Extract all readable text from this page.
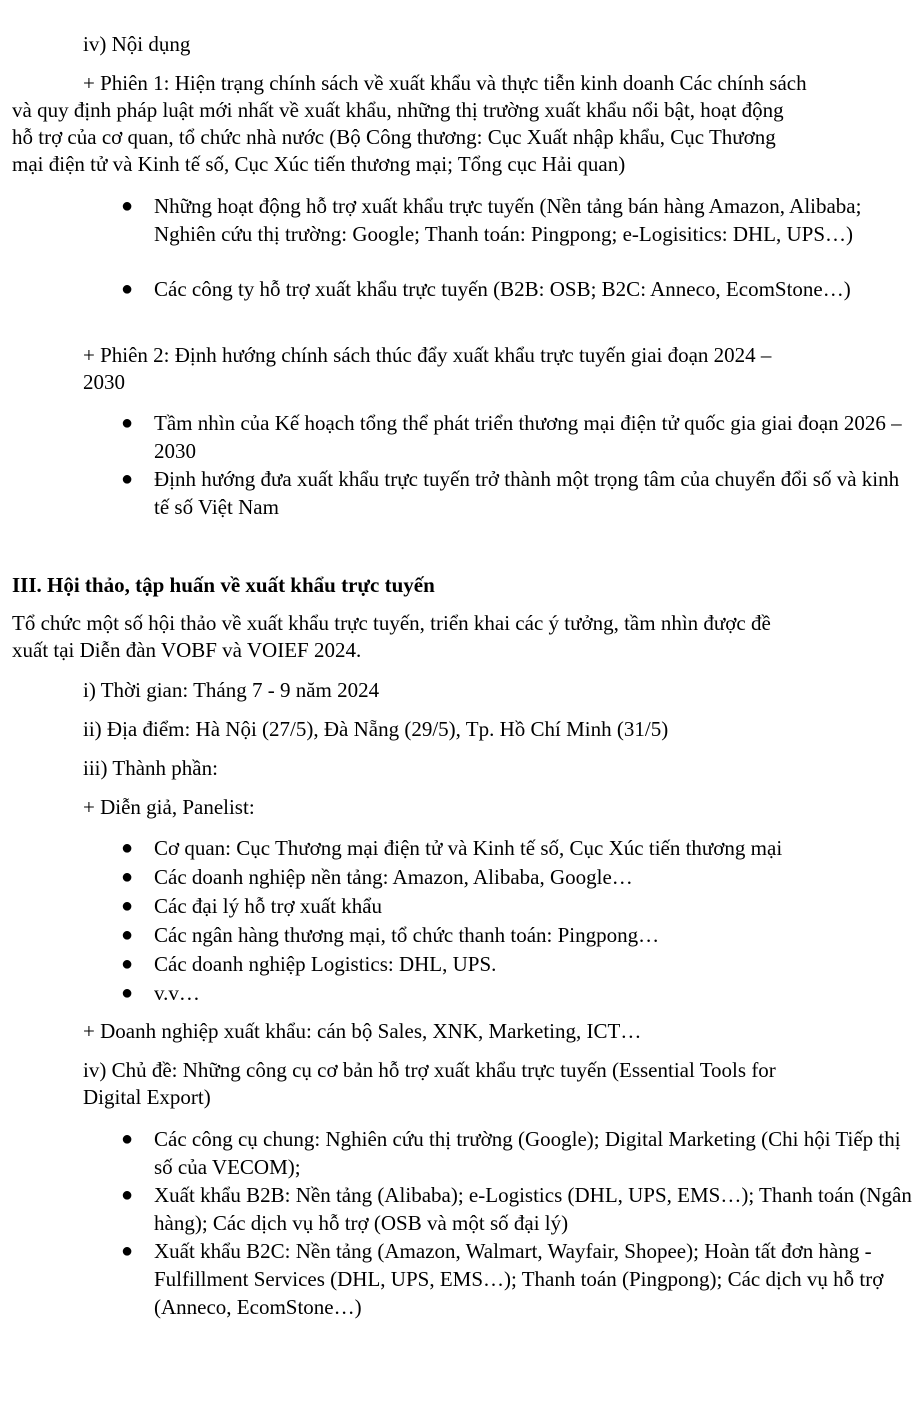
iv) Nội dụng

+ Phiên 1: Hiện trạng chính sách về xuất khẩu và thực tiễn kinh doanh Các chính sách

và quy định pháp luật mới nhất về xuất khẩu, những thị trường xuất khẩu nổi bật, hoạt động

hỗ trợ của cơ quan, tổ chức nhà nước (Bộ Công thương: Cục Xuất nhập khẩu, Cục Thương

mại điện tử và Kinh tế số, Cục Xúc tiến thương mại; Tổng cục Hải quan)

● Những hoạt động hỗ trợ xuất khẩu trực tuyến (Nền tảng bán hàng Amazon, Alibaba; Nghiên cứu thị trường: Google; Thanh toán: Pingpong; e-Logisitics: DHL, UPS…)
● Các công ty hỗ trợ xuất khẩu trực tuyến (B2B: OSB; B2C: Anneco, EcomStone…)

+ Phiên 2: Định hướng chính sách thúc đẩy xuất khẩu trực tuyến giai đoạn 2024 –

2030

● Tầm nhìn của Kế hoạch tổng thể phát triển thương mại điện tử quốc gia giai đoạn 2026 – 2030
● Định hướng đưa xuất khẩu trực tuyến trở thành một trọng tâm của chuyển đổi số và kinh tế số Việt Nam

III. Hội thảo, tập huấn về xuất khẩu trực tuyến

Tổ chức một số hội thảo về xuất khẩu trực tuyến, triển khai các ý tưởng, tầm nhìn được đề

xuất tại Diễn đàn VOBF và VOIEF 2024.

i) Thời gian: Tháng 7 - 9 năm 2024

ii) Địa điểm: Hà Nội (27/5), Đà Nẵng (29/5), Tp. Hồ Chí Minh (31/5)

iii) Thành phần:

+ Diễn giả, Panelist:

● Cơ quan: Cục Thương mại điện tử và Kinh tế số, Cục Xúc tiến thương mại
● Các doanh nghiệp nền tảng: Amazon, Alibaba, Google…
● Các đại lý hỗ trợ xuất khẩu
● Các ngân hàng thương mại, tổ chức thanh toán: Pingpong…
● Các doanh nghiệp Logistics: DHL, UPS.
● v.v…

+ Doanh nghiệp xuất khẩu: cán bộ Sales, XNK, Marketing, ICT…

iv) Chủ đề: Những công cụ cơ bản hỗ trợ xuất khẩu trực tuyến (Essential Tools for

Digital Export)

● Các công cụ chung: Nghiên cứu thị trường (Google); Digital Marketing (Chi hội Tiếp thị số của VECOM);
● Xuất khẩu B2B: Nền tảng (Alibaba); e-Logistics (DHL, UPS, EMS…); Thanh toán (Ngân hàng); Các dịch vụ hỗ trợ (OSB và một số đại lý)
● Xuất khẩu B2C: Nền tảng (Amazon, Walmart, Wayfair, Shopee); Hoàn tất đơn hàng - Fulfillment Services (DHL, UPS, EMS…); Thanh toán (Pingpong); Các dịch vụ hỗ trợ (Anneco, EcomStone…)
